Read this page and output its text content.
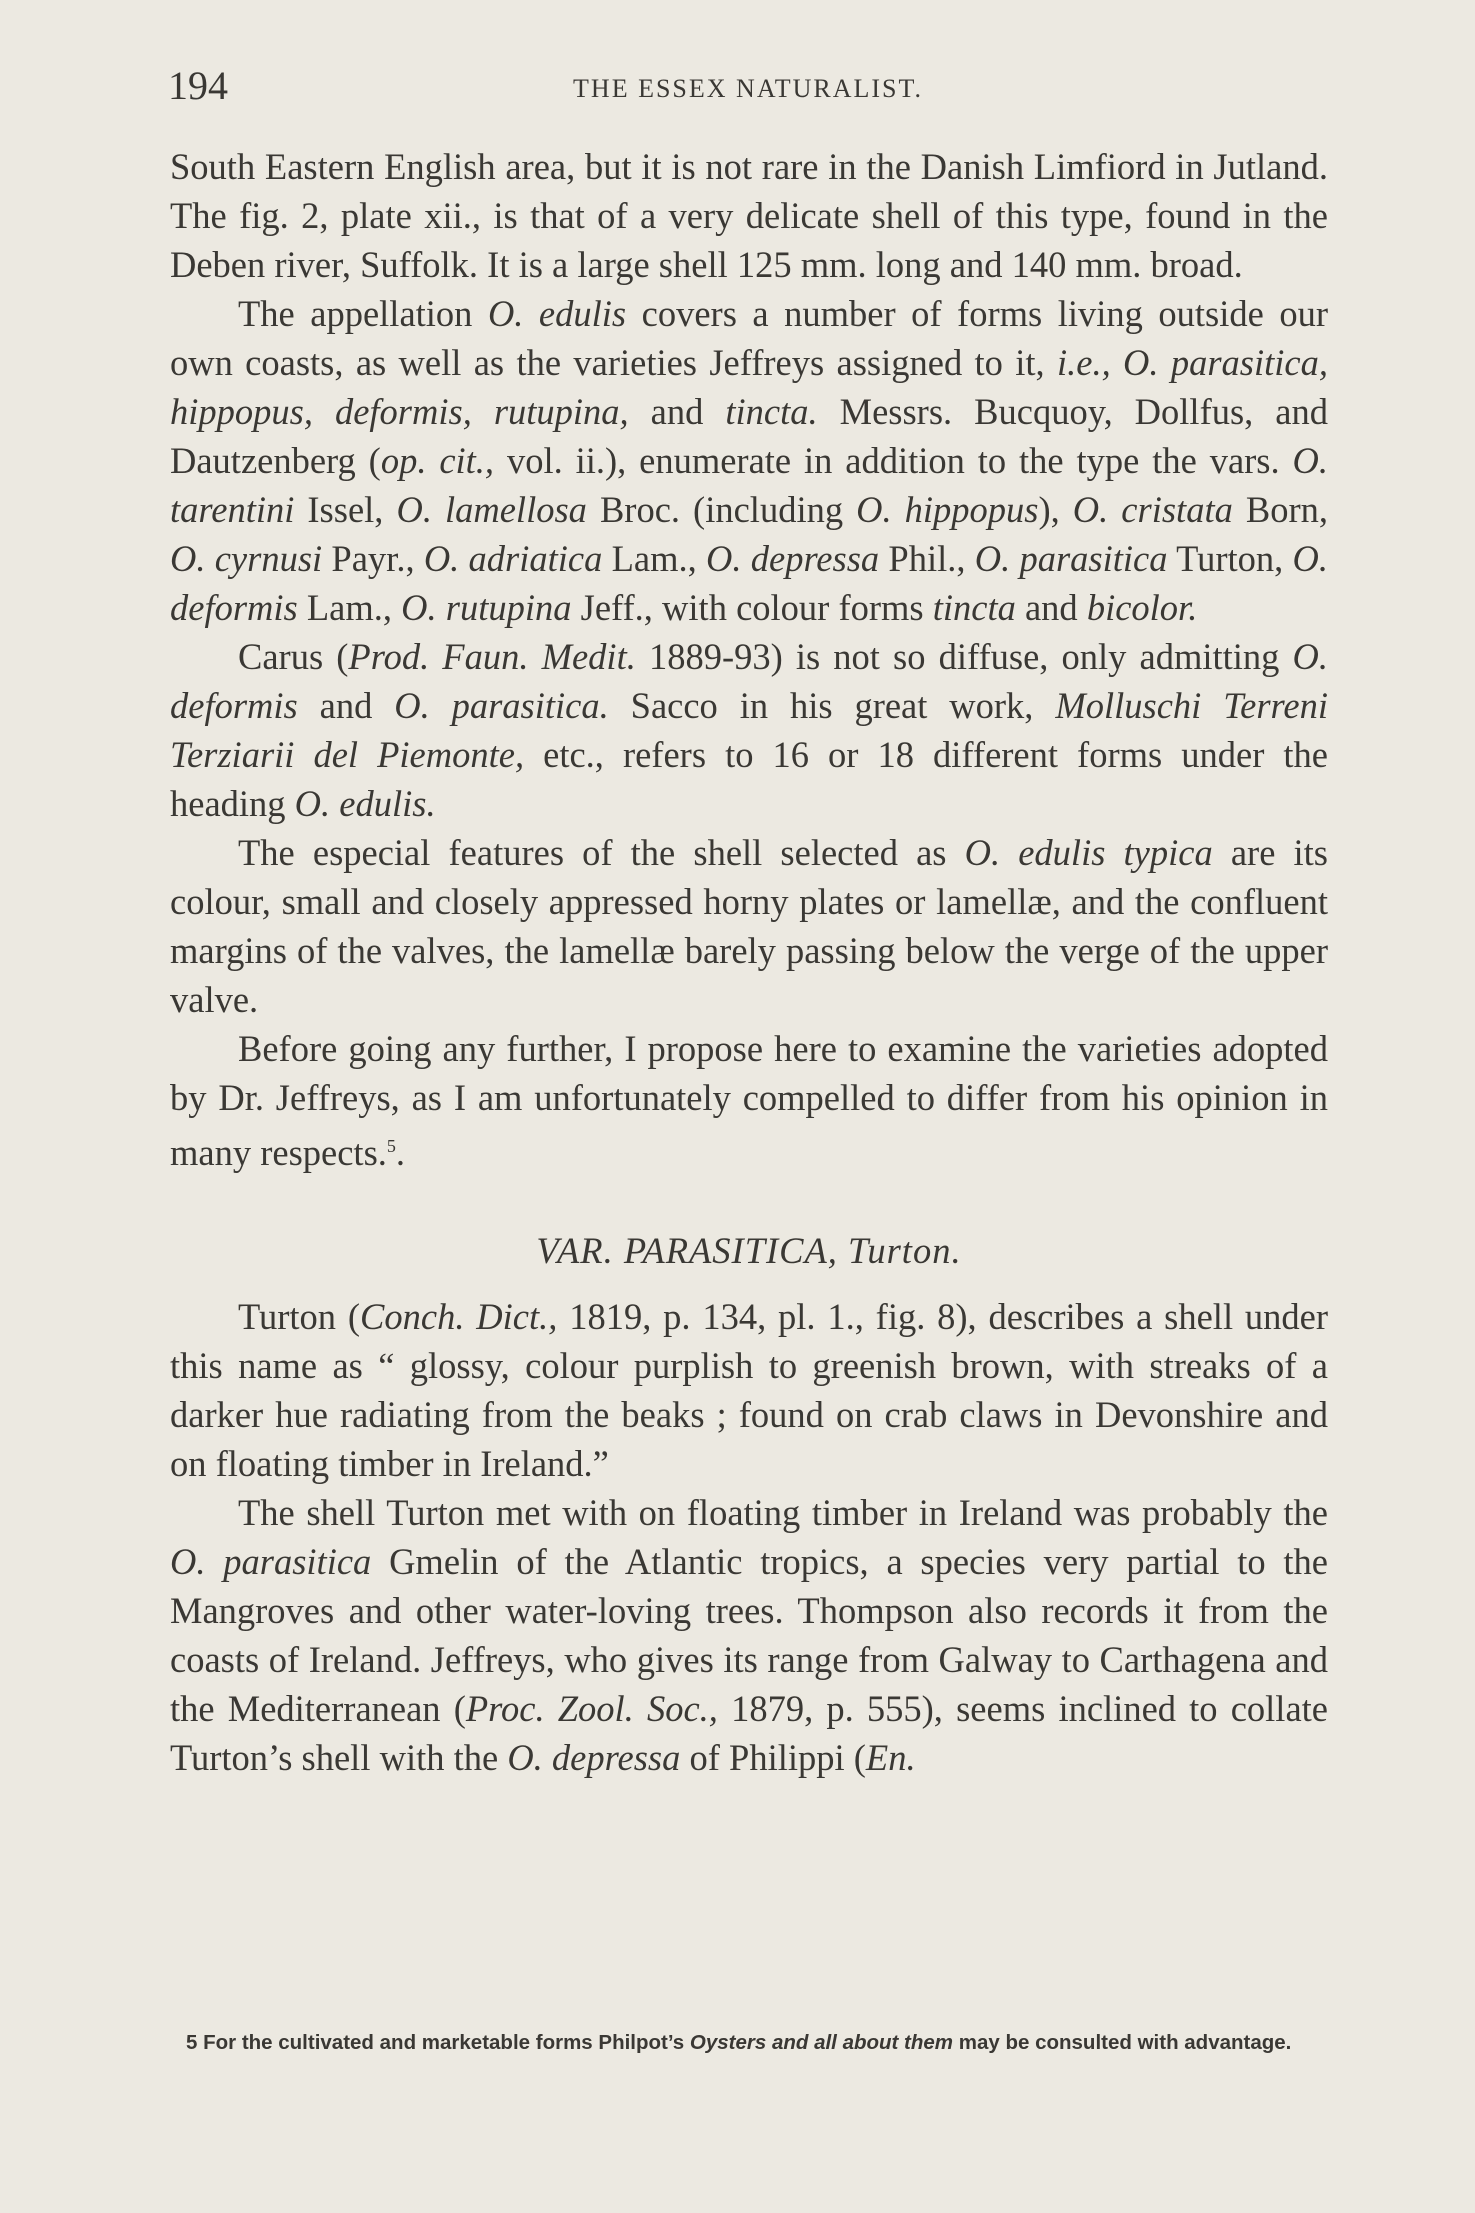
194	THE ESSEX NATURALIST.

South Eastern English area, but it is not rare in the Danish Limfiord in Jutland. The fig. 2, plate xii., is that of a very delicate shell of this type, found in the Deben river, Suffolk. It is a large shell 125 mm. long and 140 mm. broad.

The appellation O. edulis covers a number of forms living outside our own coasts, as well as the varieties Jeffreys assigned to it, i.e., O. parasitica, hippopus, deformis, rutupina, and tincta. Messrs. Bucquoy, Dollfus, and Dautzenberg (op. cit., vol. ii.), enumerate in addition to the type the vars. O. tarentini Issel, O. lamellosa Broc. (including O. hippopus), O. cristata Born, O. cyrnusi Payr., O. adriatica Lam., O. depressa Phil., O. parasitica Turton, O. deformis Lam., O. rutupina Jeff., with colour forms tincta and bicolor.

Carus (Prod. Faun. Medit. 1889-93) is not so diffuse, only admitting O. deformis and O. parasitica. Sacco in his great work, Molluschi Terreni Terziarii del Piemonte, etc., refers to 16 or 18 different forms under the heading O. edulis.

The especial features of the shell selected as O. edulis typica are its colour, small and closely appressed horny plates or lamellæ, and the confluent margins of the valves, the lamellæ barely passing below the verge of the upper valve.

Before going any further, I propose here to examine the varieties adopted by Dr. Jeffreys, as I am unfortunately compelled to differ from his opinion in many respects.$^5$.

VAR. PARASITICA, Turton.

Turton (Conch. Dict., 1819, p. 134, pl. 1., fig. 8), describes a shell under this name as “ glossy, colour purplish to greenish brown, with streaks of a darker hue radiating from the beaks ; found on crab claws in Devonshire and on floating timber in Ireland.”

The shell Turton met with on floating timber in Ireland was probably the O. parasitica Gmelin of the Atlantic tropics, a species very partial to the Mangroves and other water-loving trees. Thompson also records it from the coasts of Ireland. Jeffreys, who gives its range from Galway to Carthagena and the Mediterranean (Proc. Zool. Soc., 1879, p. 555), seems inclined to collate Turton’s shell with the O. depressa of Philippi (En.

5 For the cultivated and marketable forms Philpot’s Oysters and all about them may be consulted with advantage.
